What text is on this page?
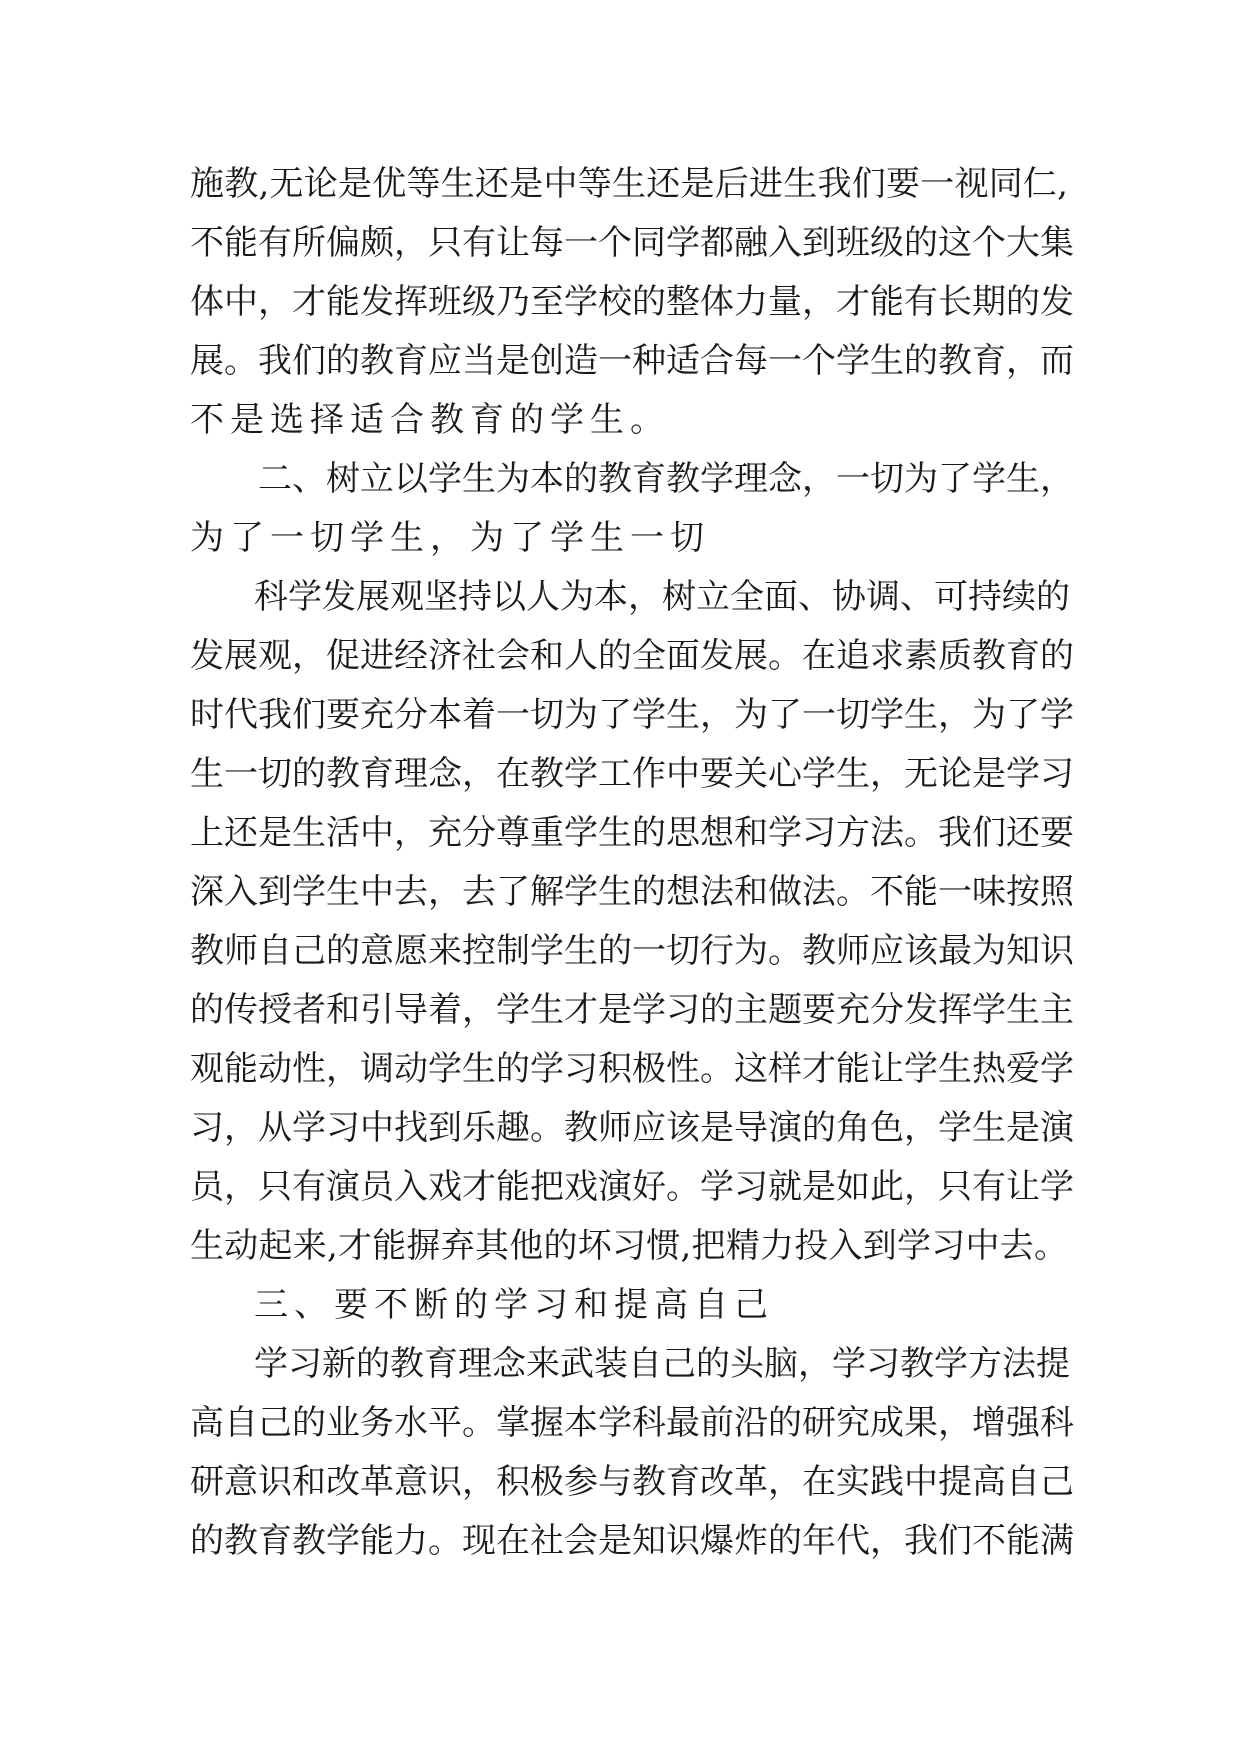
施教,无论是优等生还是中等生还是后进生我们要一视同仁,
不能有所偏颇，只有让每一个同学都融入到班级的这个大集
体中，才能发挥班级乃至学校的整体力量，才能有长期的发
展。我们的教育应当是创造一种适合每一个学生的教育，而
不是选择适合教育的学生。
二、树立以学生为本的教育教学理念，一切为了学生，
为了一切学生，为了学生一切
科学发展观坚持以人为本，树立全面、协调、可持续的
发展观，促进经济社会和人的全面发展。在追求素质教育的
时代我们要充分本着一切为了学生，为了一切学生，为了学
生一切的教育理念，在教学工作中要关心学生，无论是学习
上还是生活中，充分尊重学生的思想和学习方法。我们还要
深入到学生中去，去了解学生的想法和做法。不能一味按照
教师自己的意愿来控制学生的一切行为。教师应该最为知识
的传授者和引导着，学生才是学习的主题要充分发挥学生主
观能动性，调动学生的学习积极性。这样才能让学生热爱学
习，从学习中找到乐趣。教师应该是导演的角色，学生是演
员，只有演员入戏才能把戏演好。学习就是如此，只有让学
生动起来,才能摒弃其他的坏习惯,把精力投入到学习中去。
三、要不断的学习和提高自己
学习新的教育理念来武装自己的头脑，学习教学方法提
高自己的业务水平。掌握本学科最前沿的研究成果，增强科
研意识和改革意识，积极参与教育改革，在实践中提高自己
的教育教学能力。现在社会是知识爆炸的年代，我们不能满
